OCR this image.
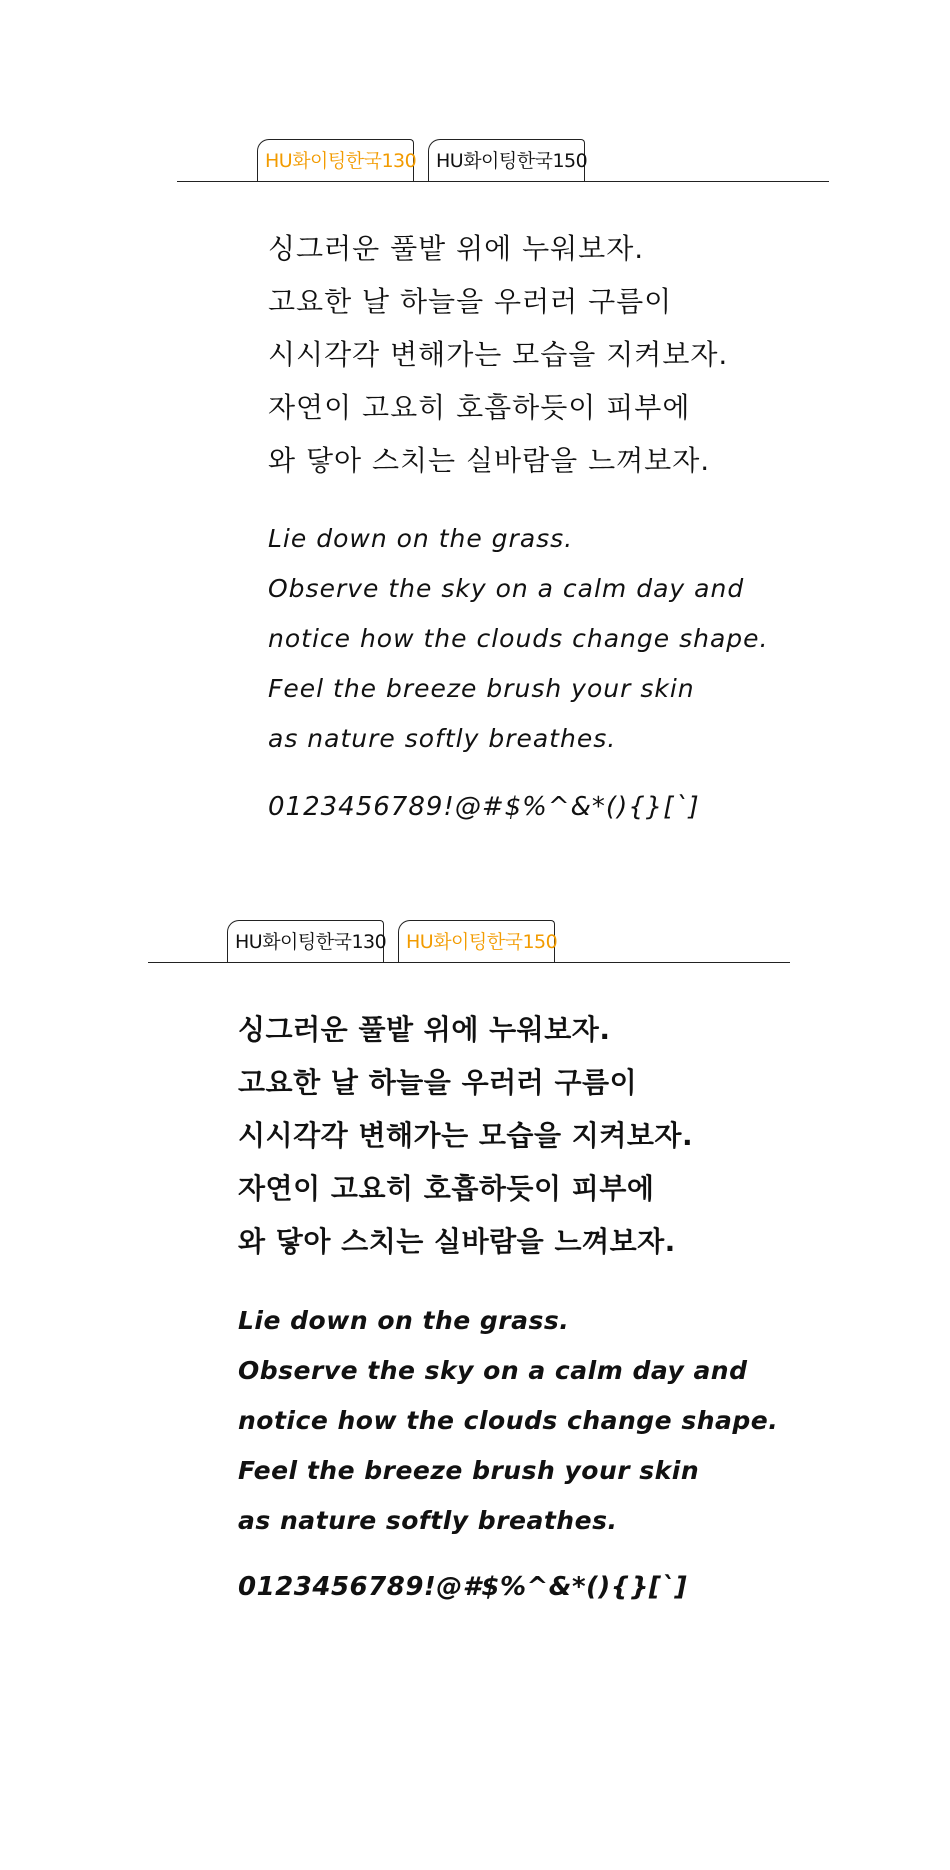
HU화이팅한국130	HU화이팅한국150
싱그러운 풀밭 위에 누워보자.
고요한 날 하늘을 우러러 구름이
시시각각 변해가는 모습을 지켜보자.
자연이 고요히 호흡하듯이 피부에
와 닿아 스치는 실바람을 느껴보자.
Lie down on the grass.
Observe the sky on a calm day and
notice how the clouds change shape.
Feel the breeze brush your skin
as nature softly breathes.
0123456789!@#$%^&*(){}[`]
HU화이팅한국130	HU화이팅한국150
싱그러운 풀밭 위에 누워보자.
고요한 날 하늘을 우러러 구름이
시시각각 변해가는 모습을 지켜보자.
자연이 고요히 호흡하듯이 피부에
와 닿아 스치는 실바람을 느껴보자.
Lie down on the grass.
Observe the sky on a calm day and
notice how the clouds change shape.
Feel the breeze brush your skin
as nature softly breathes.
0123456789!@#$%^&*(){}[`]
